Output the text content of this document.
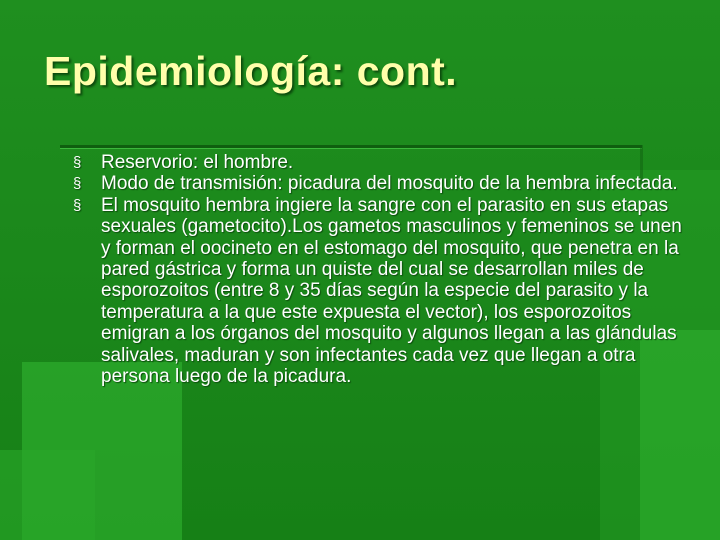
Epidemiología: cont.
§ Reservorio: el hombre.
§ Modo de transmisión: picadura del mosquito de la hembra infectada.
§ El mosquito hembra ingiere la sangre con el parasito en sus etapas sexuales (gametocito).Los gametos masculinos y femeninos se unen y forman el oocineto en el estomago del mosquito, que penetra en la pared gástrica y forma un quiste del cual se desarrollan miles de esporozoitos (entre 8 y 35 días según la especie del parasito y la temperatura a la que este expuesta el vector), los esporozoitos emigran a los órganos del mosquito y algunos llegan a las glándulas salivales, maduran y son infectantes cada vez que llegan a otra persona luego de la picadura.
